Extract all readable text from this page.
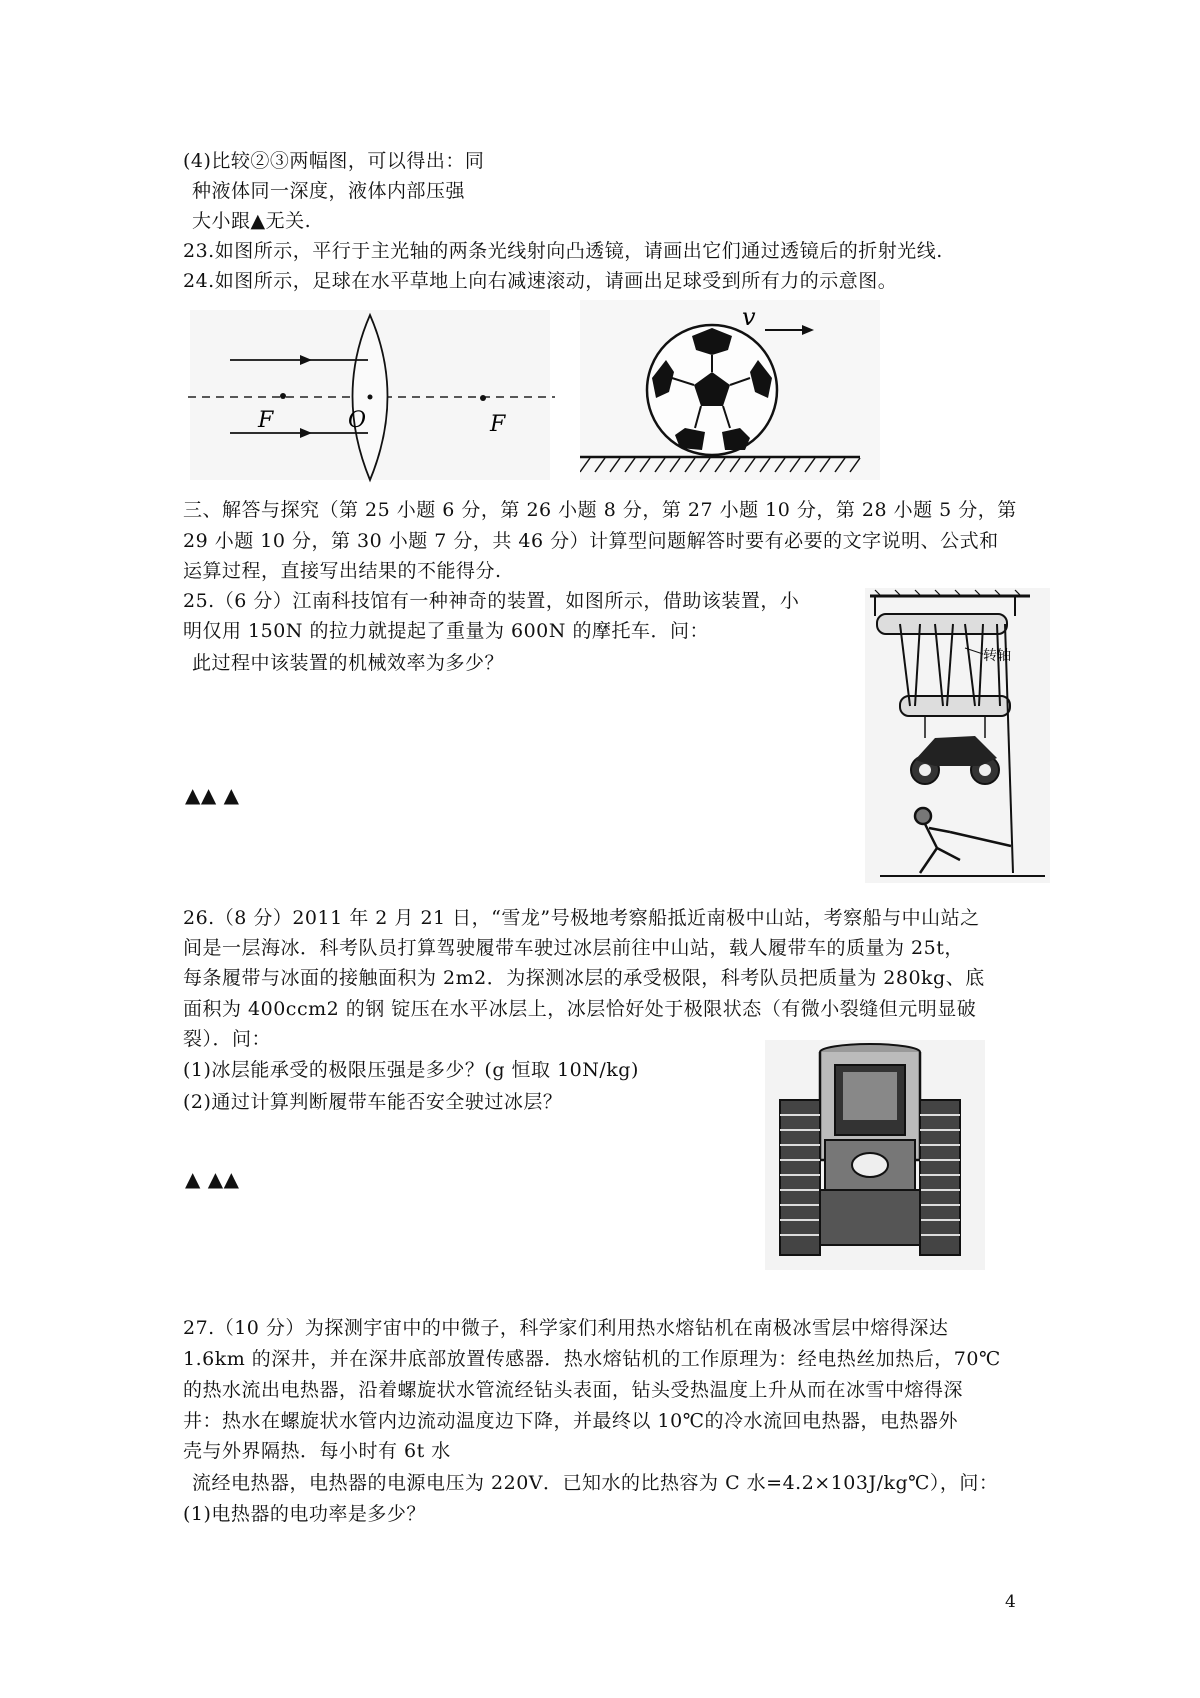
(4)比较②③两幅图，可以得出：同
种液体同一深度，液体内部压强
大小跟▲无关.
23.如图所示，平行于主光轴的两条光线射向凸透镜，请画出它们通过透镜后的折射光线.
24.如图所示，足球在水平草地上向右减速滚动，请画出足球受到所有力的示意图。
F	O	F
v
三、解答与探究（第 25 小题 6 分，第 26 小题 8 分，第 27 小题 10 分，第 28 小题 5 分，第
29 小题 10 分，第 30 小题 7 分，共 46 分）计算型问题解答时要有必要的文字说明、公式和
运算过程，直接写出结果的不能得分.
25.（6 分）江南科技馆有一种神奇的装置，如图所示，借助该装置，小
明仅用 150N 的拉力就提起了重量为 600N 的摩托车．问：
此过程中该装置的机械效率为多少？
▲▲ ▲
转轴
26.（8 分）2011 年 2 月 21 日，“雪龙”号极地考察船抵近南极中山站，考察船与中山站之
间是一层海冰．科考队员打算驾驶履带车驶过冰层前往中山站，载人履带车的质量为 25t，
每条履带与冰面的接触面积为 2m2．为探测冰层的承受极限，科考队员把质量为 280kg、底
面积为 400ccm2 的钢 锭压在水平冰层上，冰层恰好处于极限状态（有微小裂缝但元明显破
裂）．问：
(1)冰层能承受的极限压强是多少？(g 恒取 10N/kg)
(2)通过计算判断履带车能否安全驶过冰层？
▲ ▲▲
27.（10 分）为探测宇宙中的中微子，科学家们利用热水熔钻机在南极冰雪层中熔得深达
1.6km 的深井，并在深井底部放置传感器．热水熔钻机的工作原理为：经电热丝加热后，70℃
的热水流出电热器，沿着螺旋状水管流经钻头表面，钻头受热温度上升从而在冰雪中熔得深
井：热水在螺旋状水管内边流动温度边下降，并最终以 10℃的冷水流回电热器，电热器外
壳与外界隔热．每小时有 6t 水
流经电热器，电热器的电源电压为 220V．已知水的比热容为 C 水=4.2×103J/kg℃），问：
(1)电热器的电功率是多少？
4
